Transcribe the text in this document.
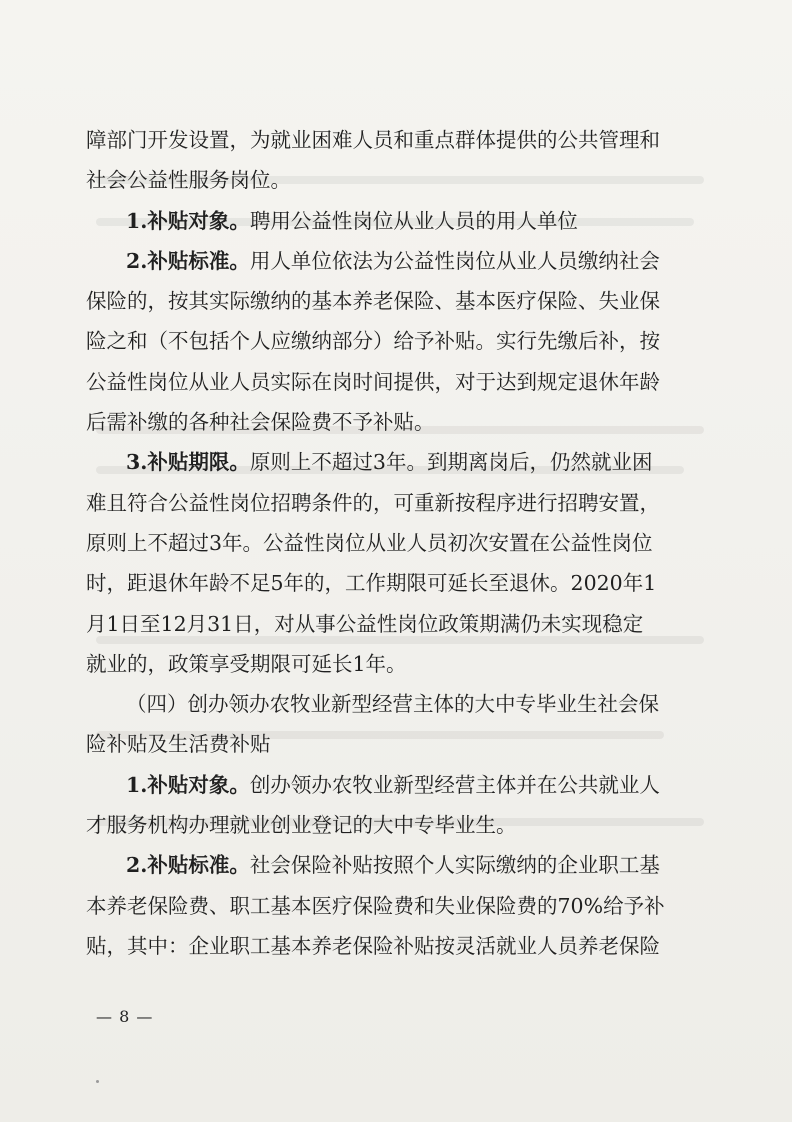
障部门开发设置，为就业困难人员和重点群体提供的公共管理和
社会公益性服务岗位。
1.补贴对象。聘用公益性岗位从业人员的用人单位
2.补贴标准。用人单位依法为公益性岗位从业人员缴纳社会
保险的，按其实际缴纳的基本养老保险、基本医疗保险、失业保
险之和（不包括个人应缴纳部分）给予补贴。实行先缴后补，按
公益性岗位从业人员实际在岗时间提供，对于达到规定退休年龄
后需补缴的各种社会保险费不予补贴。
3.补贴期限。原则上不超过3年。到期离岗后，仍然就业困
难且符合公益性岗位招聘条件的，可重新按程序进行招聘安置，
原则上不超过3年。公益性岗位从业人员初次安置在公益性岗位
时，距退休年龄不足5年的，工作期限可延长至退休。2020年1
月1日至12月31日，对从事公益性岗位政策期满仍未实现稳定
就业的，政策享受期限可延长1年。
（四）创办领办农牧业新型经营主体的大中专毕业生社会保
险补贴及生活费补贴
1.补贴对象。创办领办农牧业新型经营主体并在公共就业人
才服务机构办理就业创业登记的大中专毕业生。
2.补贴标准。社会保险补贴按照个人实际缴纳的企业职工基
本养老保险费、职工基本医疗保险费和失业保险费的70%给予补
贴，其中：企业职工基本养老保险补贴按灵活就业人员养老保险
— 8 —
